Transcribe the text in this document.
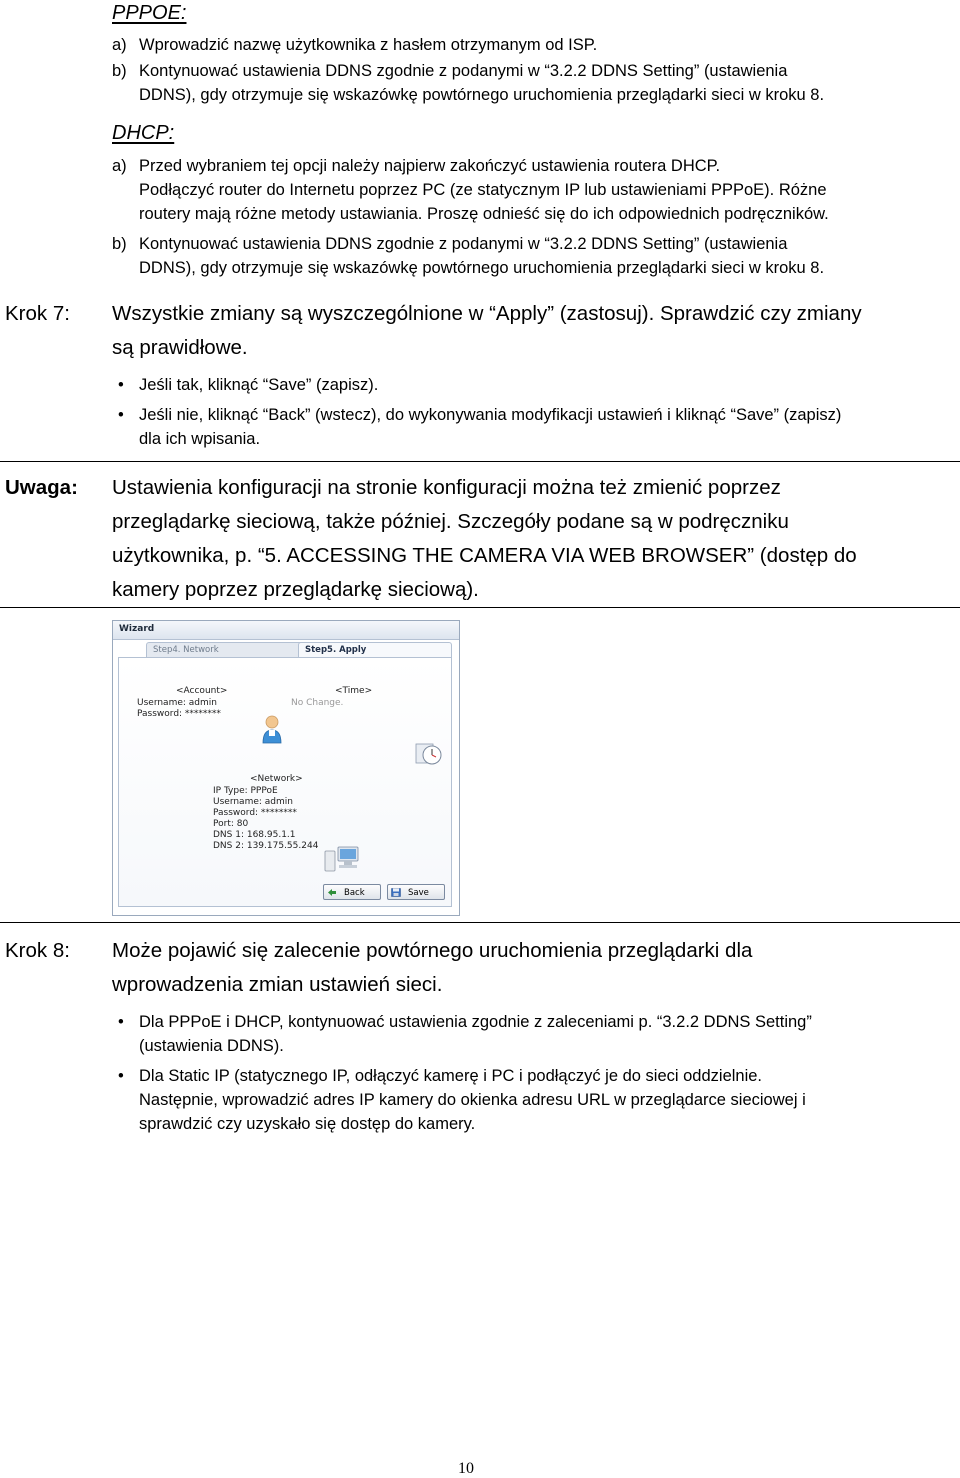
PPPOE:
a) Wprowadzić nazwę użytkownika z hasłem otrzymanym od ISP.
b) Kontynuować ustawienia DDNS zgodnie z podanymi w “3.2.2 DDNS Setting” (ustawienia
DDNS), gdy otrzymuje się wskazówkę powtórnego uruchomienia przeglądarki sieci w kroku 8.
DHCP:
a) Przed wybraniem tej opcji należy najpierw zakończyć ustawienia routera DHCP.
Podłączyć router do Internetu poprzez PC (ze statycznym IP lub ustawieniami PPPoE). Różne
routery mają różne metody ustawiania. Proszę odnieść się do ich odpowiednich podręczników.
b) Kontynuować ustawienia DDNS zgodnie z podanymi w “3.2.2 DDNS Setting” (ustawienia
DDNS), gdy otrzymuje się wskazówkę powtórnego uruchomienia przeglądarki sieci w kroku 8.
Krok 7: Wszystkie zmiany są wyszczególnione w “Apply” (zastosuj). Sprawdzić czy zmiany
są prawidłowe.
• Jeśli tak, kliknąć “Save” (zapisz).
• Jeśli nie, kliknąć “Back” (wstecz), do wykonywania modyfikacji ustawień i kliknąć “Save” (zapisz)
dla ich wpisania.
Uwaga: Ustawienia konfiguracji na stronie konfiguracji można też zmienić poprzez
przeglądarkę sieciową, także później. Szczegóły podane są w podręczniku
użytkownika, p. “5. ACCESSING THE CAMERA VIA WEB BROWSER” (dostęp do
kamery poprzez przeglądarkę sieciową).
Wizard
Step4. Network	Step5. Apply
<Account>
Username: admin
Password: ********
<Time>
No Change.
<Network>
IP Type: PPPoE
Username: admin
Password: ********
Port: 80
DNS 1: 168.95.1.1
DNS 2: 139.175.55.244
Back	Save
Krok 8: Może pojawić się zalecenie powtórnego uruchomienia przeglądarki dla
wprowadzenia zmian ustawień sieci.
• Dla PPPoE i DHCP, kontynuować ustawienia zgodnie z zaleceniami p. “3.2.2 DDNS Setting”
(ustawienia DDNS).
• Dla Static IP (statycznego IP, odłączyć kamerę i PC i podłączyć je do sieci oddzielnie.
Następnie, wprowadzić adres IP kamery do okienka adresu URL w przeglądarce sieciowej i
sprawdzić czy uzyskało się dostęp do kamery.
10
